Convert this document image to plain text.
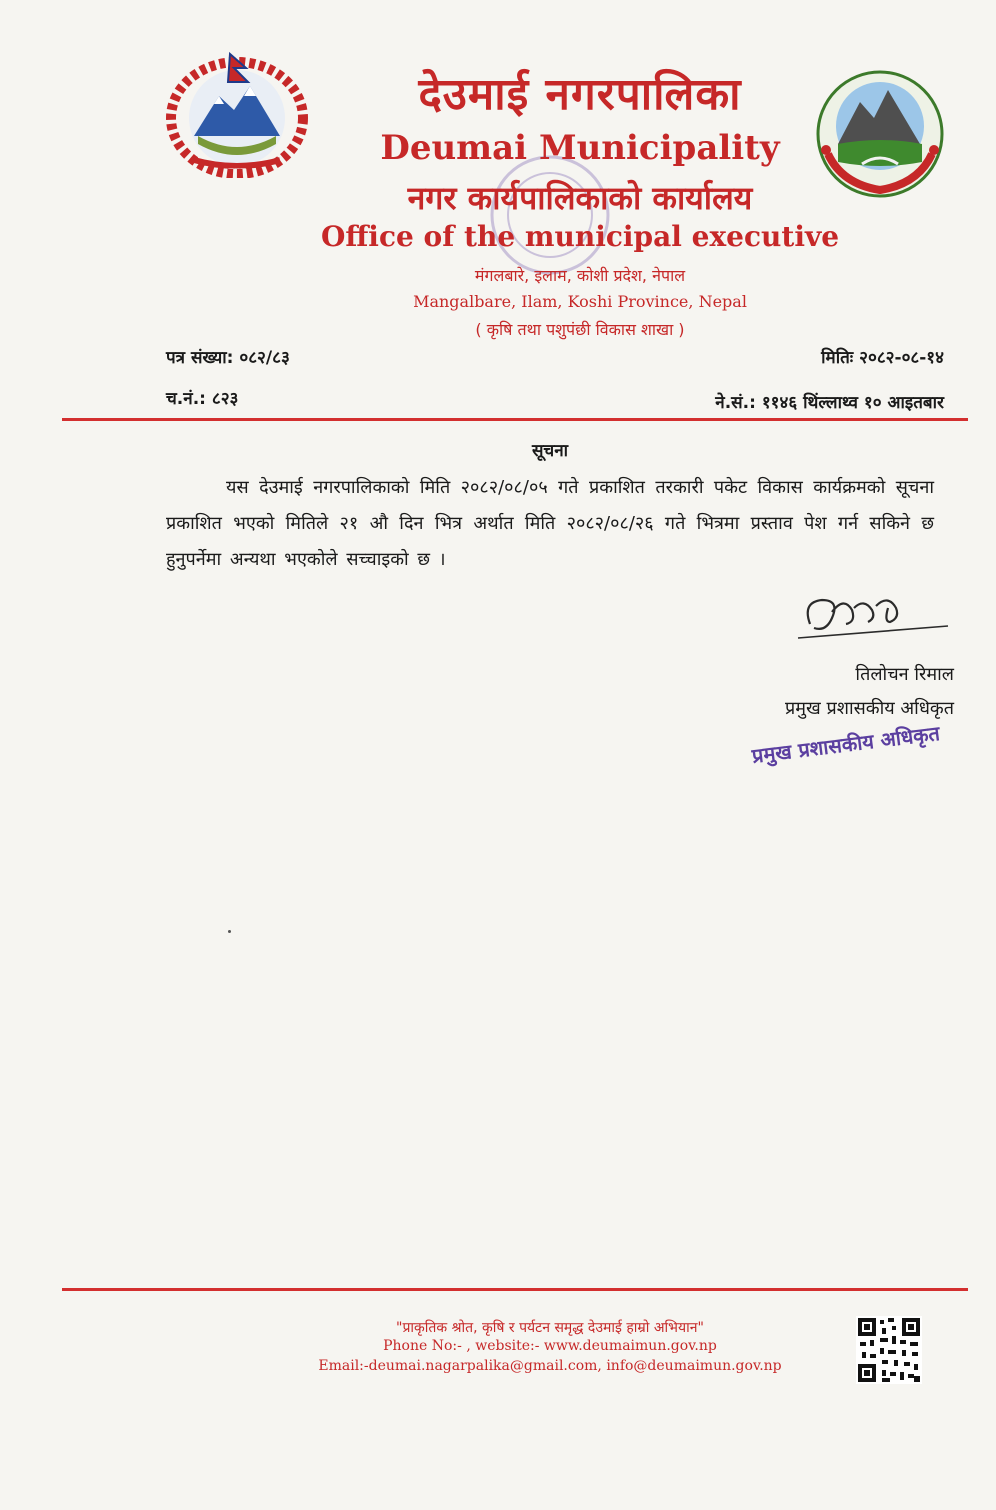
———
देउमाई नगरपालिका
Deumai Municipality
नगर कार्यपालिकाको कार्यालय
Office of the municipal executive
मंगलबारे, इलाम, कोशी प्रदेश, नेपाल
Mangalbare, Ilam, Koshi Province, Nepal
( कृषि तथा पशुपंछी विकास शाखा )
पत्र संख्या: ०८२/८३
च.नं.: ८२३
मितिः २०८२-०८-१४
ने.सं.: ११४६ थिंल्लाथ्व १० आइतबार
सूचना
यस देउमाई नगरपालिकाको मिति २०८२/०८/०५ गते प्रकाशित तरकारी पकेट विकास कार्यक्रमको सूचना प्रकाशित भएको मितिले २१ औ दिन भित्र अर्थात मिति २०८२/०८/२६ गते भित्रमा प्रस्ताव पेश गर्न सकिने छ हुनुपर्नेमा अन्यथा भएकोले सच्चाइको छ ।
तिलोचन रिमाल
प्रमुख प्रशासकीय अधिकृत
प्रमुख प्रशासकीय अधिकृत
"प्राकृतिक श्रोत, कृषि र पर्यटन समृद्ध देउमाई हाम्रो अभियान"
Phone No:- , website:- www.deumaimun.gov.np
Email:-deumai.nagarpalika@gmail.com, info@deumaimun.gov.np
